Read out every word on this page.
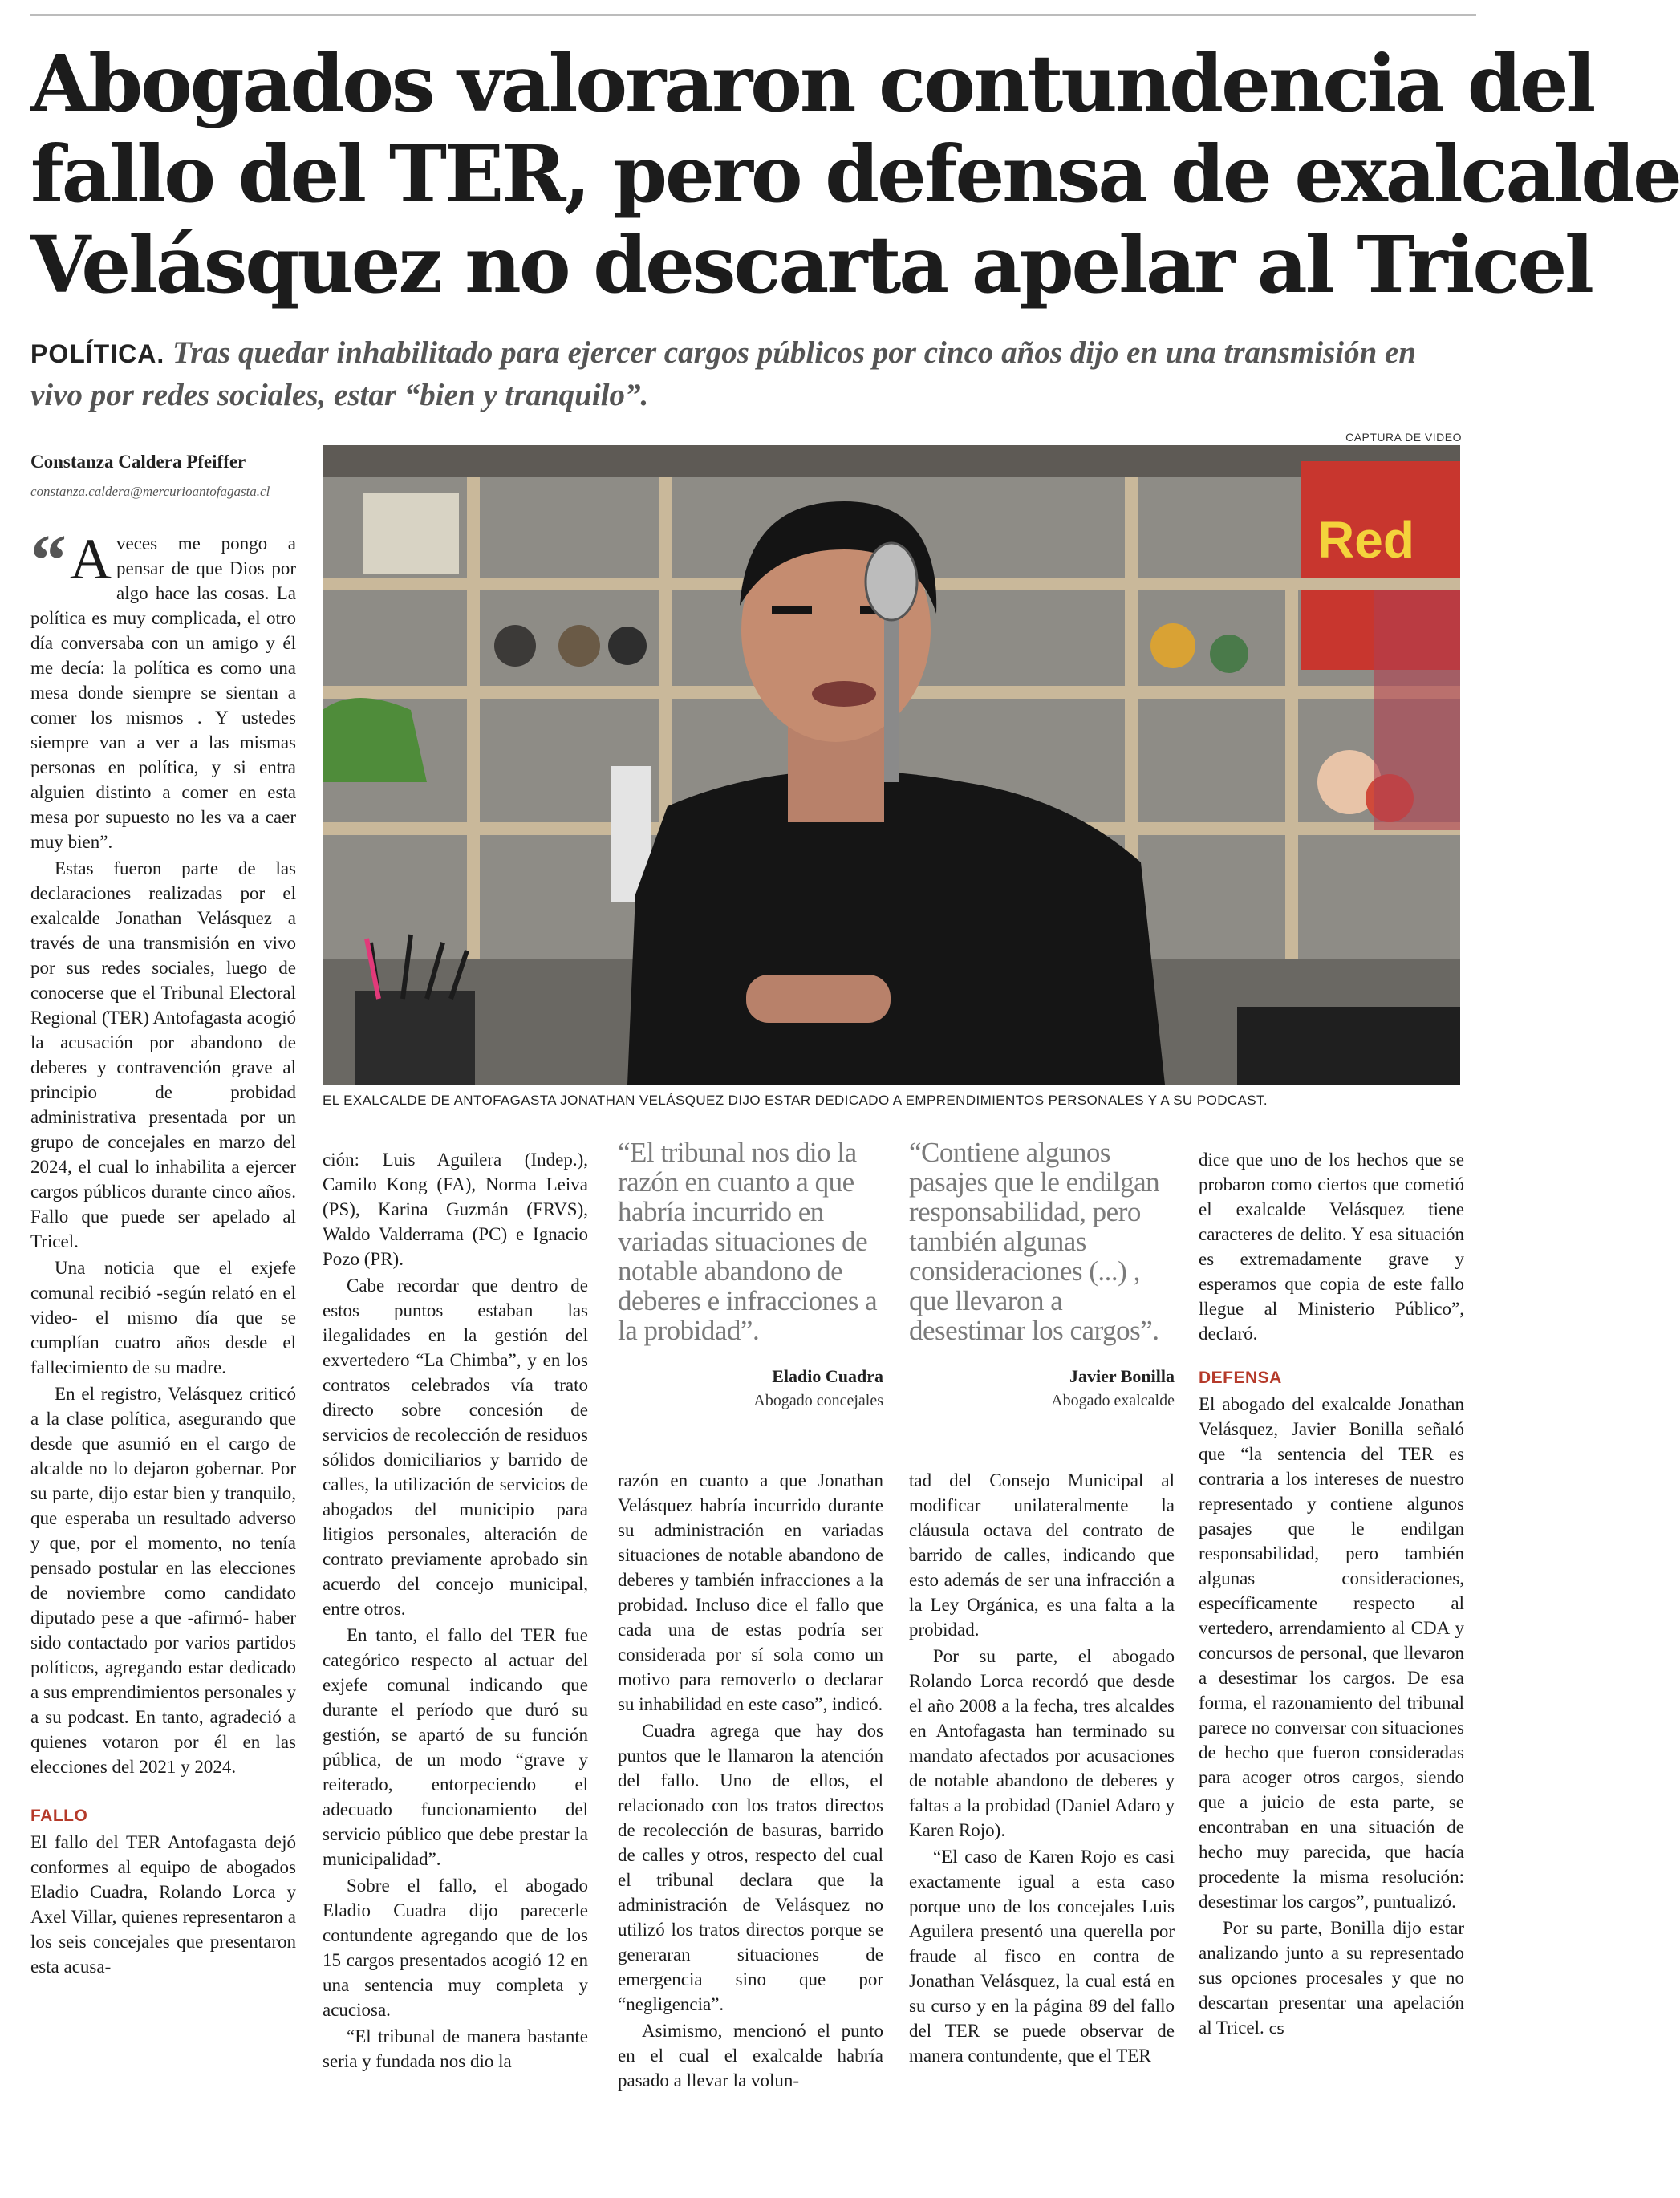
Abogados valoraron contundencia del
fallo del TER, pero defensa de exalcalde
Velásquez no descarta apelar al Tricel
POLÍTICA. Tras quedar inhabilitado para ejercer cargos públicos por cinco años dijo en una transmisión en vivo por redes sociales, estar “bien y tranquilo”.
Constanza Caldera Pfeiffer
constanza.caldera@mercurioantofagasta.cl
CAPTURA DE VIDEO
Red
EL EXALCALDE DE ANTOFAGASTA JONATHAN VELÁSQUEZ DIJO ESTAR DEDICADO A EMPRENDIMIENTOS PERSONALES Y A SU PODCAST.

“ A veces me pongo a pensar de que Dios por algo hace las cosas. La política es muy complicada, el otro día conversaba con un amigo y él me decía: la política es como una mesa donde siempre se sientan a comer los mismos . Y ustedes siempre van a ver a las mismas personas en política, y si entra alguien distinto a comer en esta mesa por supuesto no les va a caer muy bien”.

Estas fueron parte de las declaraciones realizadas por el exalcalde Jonathan Velásquez a través de una transmisión en vivo por sus redes sociales, luego de conocerse que el Tribunal Electoral Regional (TER) Antofagasta acogió la acusación por abandono de deberes y contravención grave al principio de probidad administrativa presentada por un grupo de concejales en marzo del 2024, el cual lo inhabilita a ejercer cargos públicos durante cinco años. Fallo que puede ser apelado al Tricel.

Una noticia que el exjefe comunal recibió -según relató en el video- el mismo día que se cumplían cuatro años desde el fallecimiento de su madre.

En el registro, Velásquez criticó a la clase política, asegurando que desde que asumió en el cargo de alcalde no lo dejaron gobernar. Por su parte, dijo estar bien y tranquilo, que esperaba un resultado adverso y que, por el momento, no tenía pensado postular en las elecciones de noviembre como candidato diputado pese a que -afirmó- haber sido contactado por varios partidos políticos, agregando estar dedicado a sus emprendimientos personales y a su podcast. En tanto, agradeció a quienes votaron por él en las elecciones del 2021 y 2024.

FALLO

El fallo del TER Antofagasta dejó conformes al equipo de abogados Eladio Cuadra, Rolando Lorca y Axel Villar, quienes representaron a los seis concejales que presentaron esta acusa-

ción: Luis Aguilera (Indep.), Camilo Kong (FA), Norma Leiva (PS), Karina Guzmán (FRVS), Waldo Valderrama (PC) e Ignacio Pozo (PR).

Cabe recordar que dentro de estos puntos estaban las ilegalidades en la gestión del exvertedero “La Chimba”, y en los contratos celebrados vía trato directo sobre concesión de servicios de recolección de residuos sólidos domiciliarios y barrido de calles, la utilización de servicios de abogados del municipio para litigios personales, alteración de contrato previamente aprobado sin acuerdo del concejo municipal, entre otros.

En tanto, el fallo del TER fue categórico respecto al actuar del exjefe comunal indicando que durante el período que duró su gestión, se apartó de su función pública, de un modo “grave y reiterado, entorpeciendo el adecuado funcionamiento del servicio público que debe prestar la municipalidad”.

Sobre el fallo, el abogado Eladio Cuadra dijo parecerle contundente agregando que de los 15 cargos presentados acogió 12 en una sentencia muy completa y acuciosa.

“El tribunal de manera bastante seria y fundada nos dio la

“El tribunal nos dio la razón en cuanto a que habría incurrido en variadas situaciones de notable abandono de deberes e infracciones a la probidad”.
Eladio Cuadra
Abogado concejales
“Contiene algunos pasajes que le endilgan responsabilidad, pero también algunas consideraciones (...) , que llevaron a desestimar los cargos”.
Javier Bonilla
Abogado exalcalde

razón en cuanto a que Jonathan Velásquez habría incurrido durante su administración en variadas situaciones de notable abandono de deberes y también infracciones a la probidad. Incluso dice el fallo que cada una de estas podría ser considerada por sí sola como un motivo para removerlo o declarar su inhabilidad en este caso”, indicó.

Cuadra agrega que hay dos puntos que le llamaron la atención del fallo. Uno de ellos, el relacionado con los tratos directos de recolección de basuras, barrido de calles y otros, respecto del cual el tribunal declara que la administración de Velásquez no utilizó los tratos directos porque se generaran situaciones de emergencia sino que por “negligencia”.

Asimismo, mencionó el punto en el cual el exalcalde habría pasado a llevar la volun-

tad del Consejo Municipal al modificar unilateralmente la cláusula octava del contrato de barrido de calles, indicando que esto además de ser una infracción a la Ley Orgánica, es una falta a la probidad.

Por su parte, el abogado Rolando Lorca recordó que desde el año 2008 a la fecha, tres alcaldes en Antofagasta han terminado su mandato afectados por acusaciones de notable abandono de deberes y faltas a la probidad (Daniel Adaro y Karen Rojo).

“El caso de Karen Rojo es casi exactamente igual a esta caso porque uno de los concejales Luis Aguilera presentó una querella por fraude al fisco en contra de Jonathan Velásquez, la cual está en su curso y en la página 89 del fallo del TER se puede observar de manera contundente, que el TER

dice que uno de los hechos que se probaron como ciertos que cometió el exalcalde Velásquez tiene caracteres de delito. Y esa situación es extremadamente grave y esperamos que copia de este fallo llegue al Ministerio Público”, declaró.

DEFENSA

El abogado del exalcalde Jonathan Velásquez, Javier Bonilla señaló que “la sentencia del TER es contraria a los intereses de nuestro representado y contiene algunos pasajes que le endilgan responsabilidad, pero también algunas consideraciones, específicamente respecto al vertedero, arrendamiento al CDA y concursos de personal, que llevaron a desestimar los cargos. De esa forma, el razonamiento del tribunal parece no conversar con situaciones de hecho que fueron consideradas para acoger otros cargos, siendo que a juicio de esta parte, se encontraban en una situación de hecho muy parecida, que hacía procedente la misma resolución: desestimar los cargos”, puntualizó.

Por su parte, Bonilla dijo estar analizando junto a su representado sus opciones procesales y que no descartan presentar una apelación al Tricel. cs
